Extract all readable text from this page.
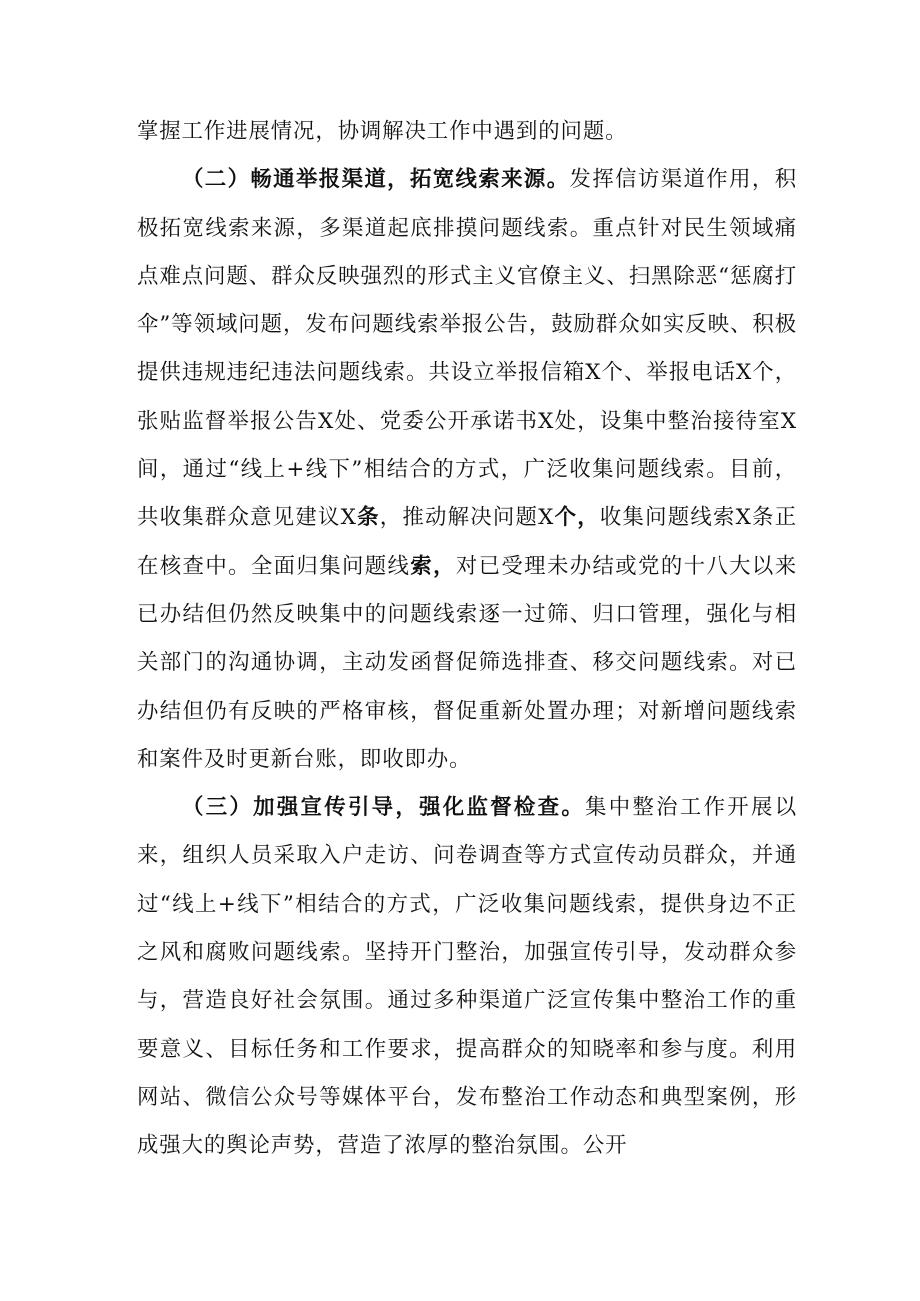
掌握工作进展情况，协调解决工作中遇到的问题。

（二）畅通举报渠道，拓宽线索来源。发挥信访渠道作用，积极拓宽线索来源，多渠道起底排摸问题线索。重点针对民生领域痛点难点问题、群众反映强烈的形式主义官僚主义、扫黑除恶“惩腐打伞”等领域问题，发布问题线索举报公告，鼓励群众如实反映、积极提供违规违纪违法问题线索。共设立举报信箱X个、举报电话X个，张贴监督举报公告X处、党委公开承诺书X处，设集中整治接待室X间，通过“线上+线下”相结合的方式，广泛收集问题线索。目前，共收集群众意见建议X条，推动解决问题X个，收集问题线索X条正在核查中。全面归集问题线索，对已受理未办结或党的十八大以来已办结但仍然反映集中的问题线索逐一过筛、归口管理，强化与相关部门的沟通协调，主动发函督促筛选排查、移交问题线索。对已办结但仍有反映的严格审核，督促重新处置办理；对新增问题线索和案件及时更新台账，即收即办。

（三）加强宣传引导，强化监督检查。集中整治工作开展以来，组织人员采取入户走访、问卷调查等方式宣传动员群众，并通过“线上+线下”相结合的方式，广泛收集问题线索，提供身边不正之风和腐败问题线索。坚持开门整治，加强宣传引导，发动群众参与，营造良好社会氛围。通过多种渠道广泛宣传集中整治工作的重要意义、目标任务和工作要求，提高群众的知晓率和参与度。利用网站、微信公众号等媒体平台，发布整治工作动态和典型案例，形成强大的舆论声势，营造了浓厚的整治氛围。公开
